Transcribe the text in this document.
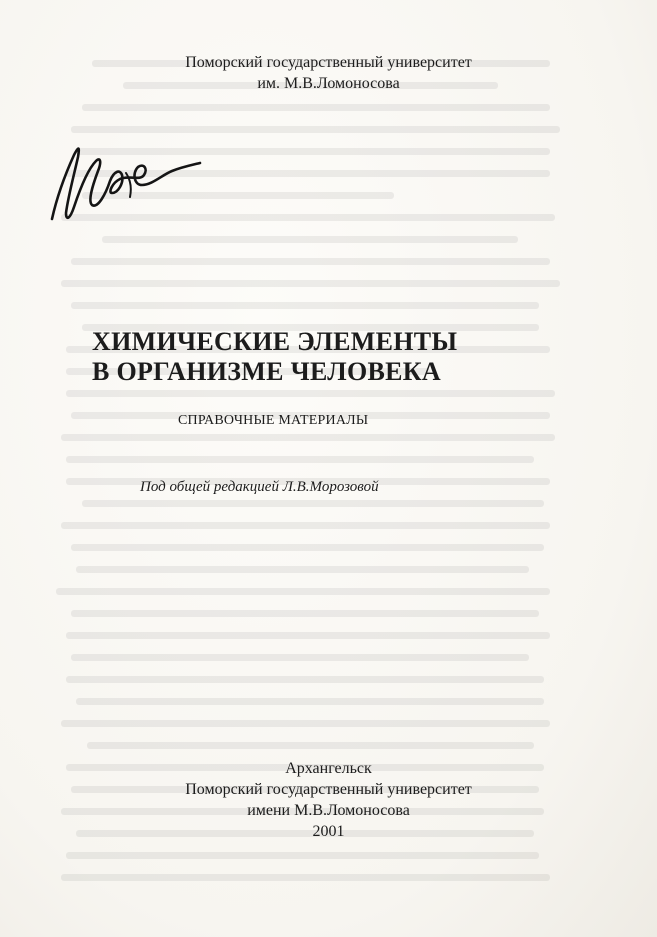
Поморский государственный университет
им. М.В.Ломоносова
ХИМИЧЕСКИЕ ЭЛЕМЕНТЫ
В ОРГАНИЗМЕ ЧЕЛОВЕКА
СПРАВОЧНЫЕ МАТЕРИАЛЫ
Под общей редакцией Л.В.Морозовой
Архангельск
Поморский государственный университет
имени М.В.Ломоносова
2001
